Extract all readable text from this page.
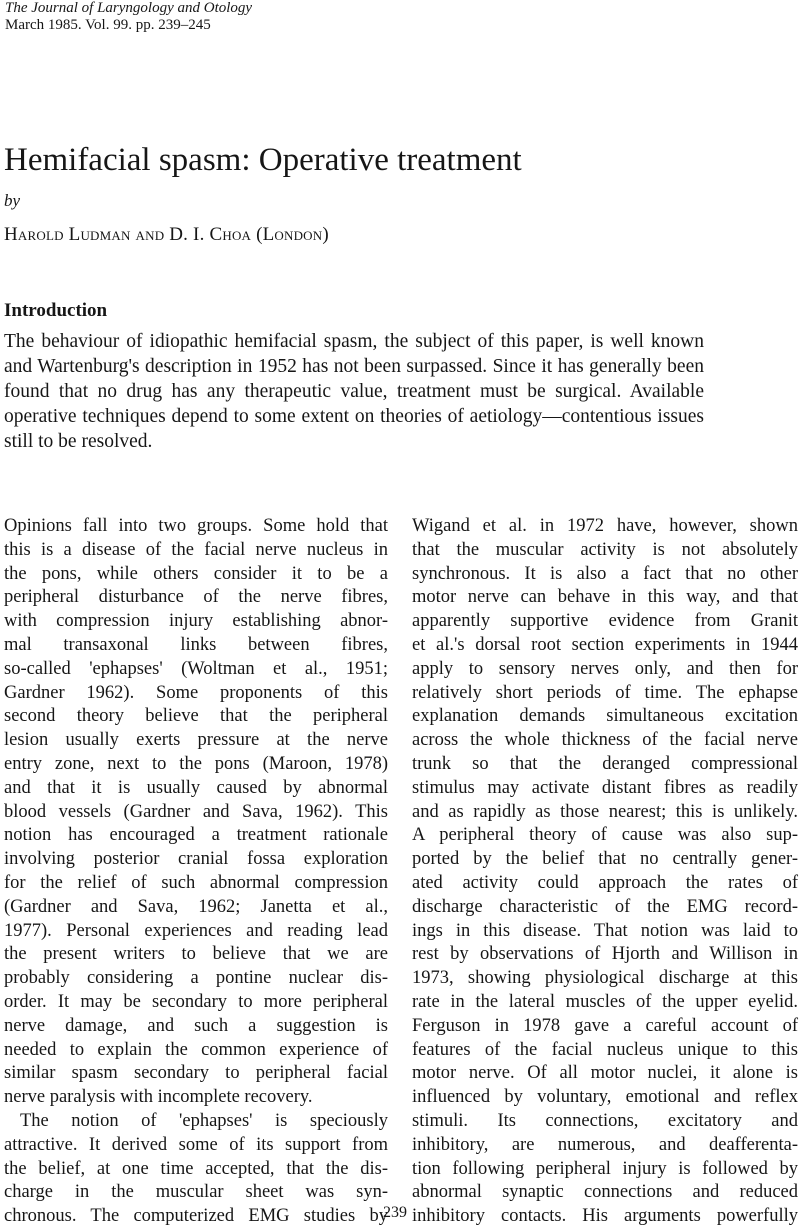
The Journal of Laryngology and Otology
March 1985. Vol. 99. pp. 239–245
Hemifacial spasm: Operative treatment
by
Harold Ludman and D. I. Choa (London)
Introduction

The behaviour of idiopathic hemifacial spasm, the subject of this paper, is well known and Wartenburg's description in 1952 has not been surpassed. Since it has generally been found that no drug has any therapeutic value, treatment must be surgical. Available operative techniques depend to some extent on theories of aetiology—contentious issues still to be resolved.

Opinions fall into two groups. Some hold that
this is a disease of the facial nerve nucleus in
the pons, while others consider it to be a
peripheral disturbance of the nerve fibres,
with compression injury establishing abnor-
mal transaxonal links between fibres,
so-called 'ephapses' (Woltman et al., 1951;
Gardner 1962). Some proponents of this
second theory believe that the peripheral
lesion usually exerts pressure at the nerve
entry zone, next to the pons (Maroon, 1978)
and that it is usually caused by abnormal
blood vessels (Gardner and Sava, 1962). This
notion has encouraged a treatment rationale
involving posterior cranial fossa exploration
for the relief of such abnormal compression
(Gardner and Sava, 1962; Janetta et al.,
1977). Personal experiences and reading lead
the present writers to believe that we are
probably considering a pontine nuclear dis-
order. It may be secondary to more peripheral
nerve damage, and such a suggestion is
needed to explain the common experience of
similar spasm secondary to peripheral facial
nerve paralysis with incomplete recovery.
The notion of 'ephapses' is speciously
attractive. It derived some of its support from
the belief, at one time accepted, that the dis-
charge in the muscular sheet was syn-
chronous. The computerized EMG studies by
Wigand et al. in 1972 have, however, shown
that the muscular activity is not absolutely
synchronous. It is also a fact that no other
motor nerve can behave in this way, and that
apparently supportive evidence from Granit
et al.'s dorsal root section experiments in 1944
apply to sensory nerves only, and then for
relatively short periods of time. The ephapse
explanation demands simultaneous excitation
across the whole thickness of the facial nerve
trunk so that the deranged compressional
stimulus may activate distant fibres as readily
and as rapidly as those nearest; this is unlikely.
A peripheral theory of cause was also sup-
ported by the belief that no centrally gener-
ated activity could approach the rates of
discharge characteristic of the EMG record-
ings in this disease. That notion was laid to
rest by observations of Hjorth and Willison in
1973, showing physiological discharge at this
rate in the lateral muscles of the upper eyelid.
Ferguson in 1978 gave a careful account of
features of the facial nucleus unique to this
motor nerve. Of all motor nuclei, it alone is
influenced by voluntary, emotional and reflex
stimuli. Its connections, excitatory and
inhibitory, are numerous, and deafferenta-
tion following peripheral injury is followed by
abnormal synaptic connections and reduced
inhibitory contacts. His arguments powerfully
239
